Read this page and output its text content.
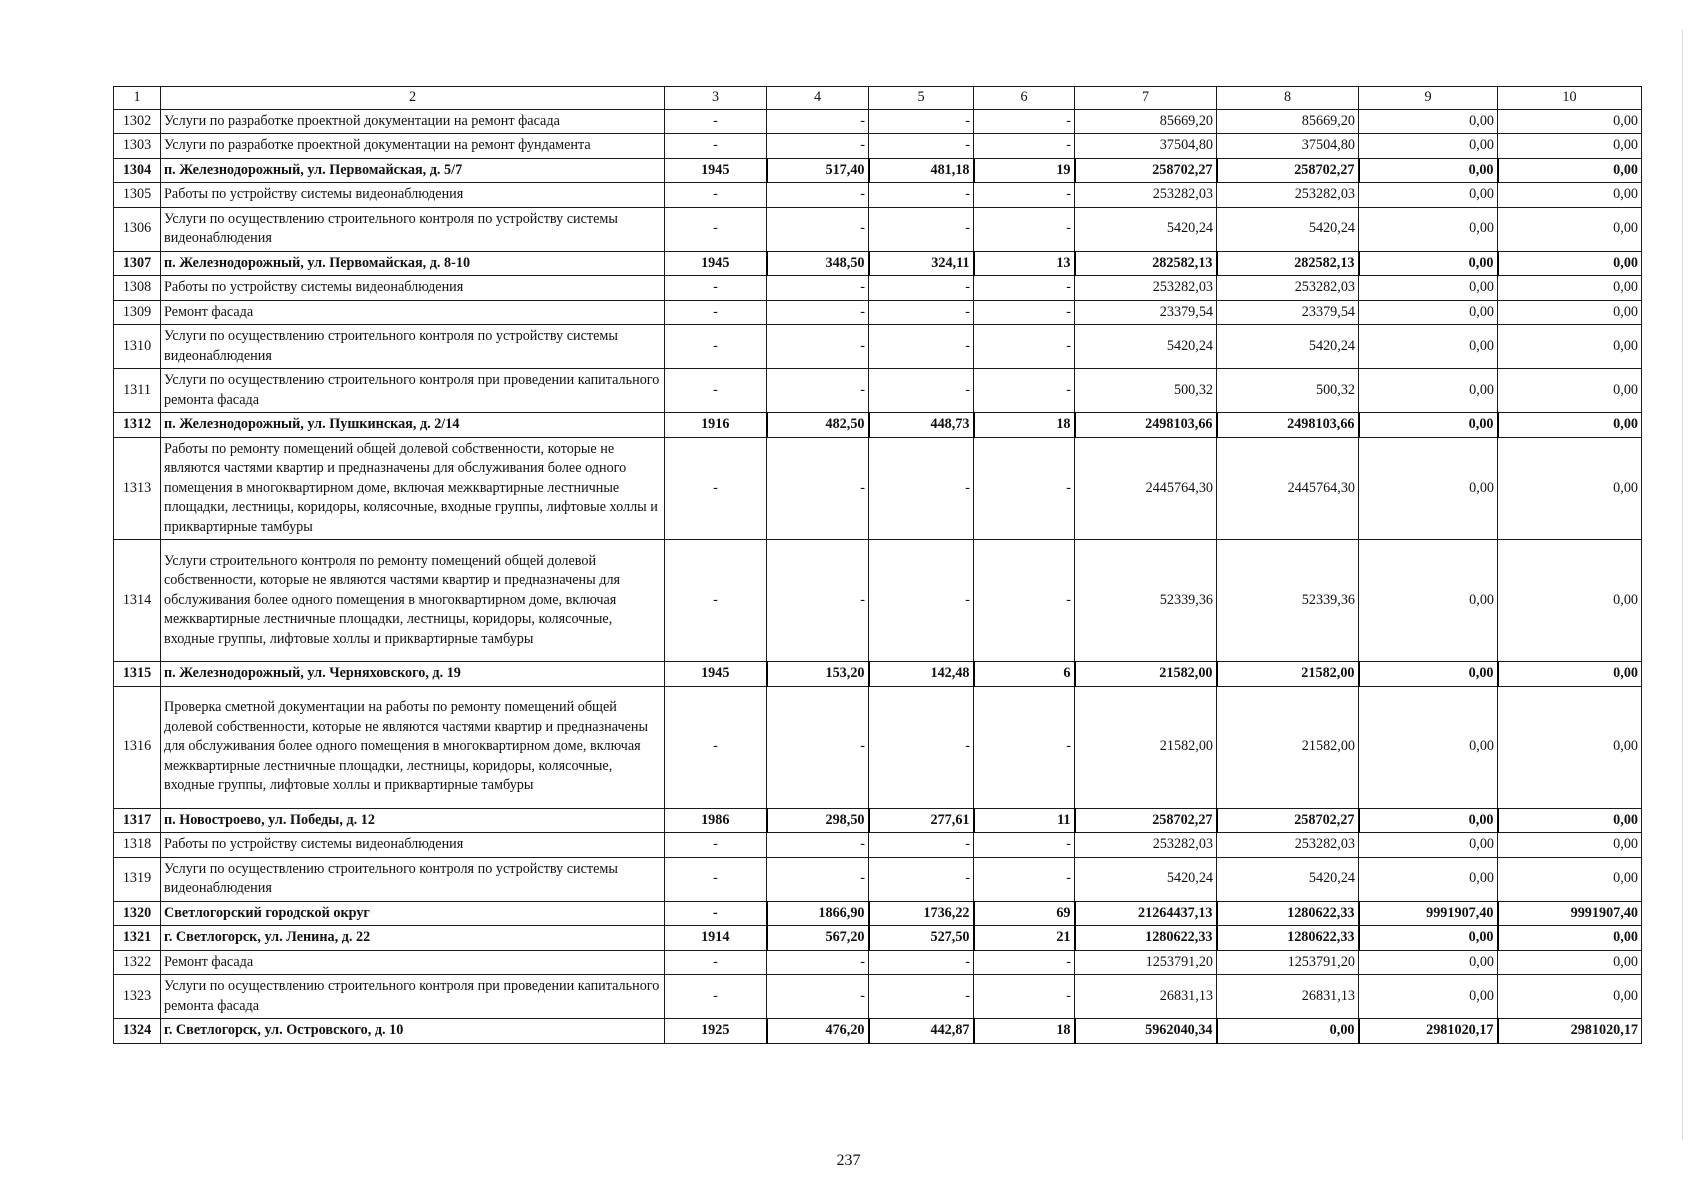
1	2	3	4	5	6	7	8	9	10
1302	Услуги по разработке проектной документации на ремонт фасада	-	-	-	-	85669,20	85669,20	0,00	0,00
1303	Услуги по разработке проектной документации на ремонт фундамента	-	-	-	-	37504,80	37504,80	0,00	0,00
1304	п. Железнодорожный, ул. Первомайская, д. 5/7	1945	517,40	481,18	19	258702,27	258702,27	0,00	0,00
1305	Работы по устройству системы видеонаблюдения	-	-	-	-	253282,03	253282,03	0,00	0,00
1306	Услуги по осуществлению строительного контроля по устройству системы видеонаблюдения	-	-	-	-	5420,24	5420,24	0,00	0,00
1307	п. Железнодорожный, ул. Первомайская, д. 8-10	1945	348,50	324,11	13	282582,13	282582,13	0,00	0,00
1308	Работы по устройству системы видеонаблюдения	-	-	-	-	253282,03	253282,03	0,00	0,00
1309	Ремонт фасада	-	-	-	-	23379,54	23379,54	0,00	0,00
1310	Услуги по осуществлению строительного контроля по устройству системы видеонаблюдения	-	-	-	-	5420,24	5420,24	0,00	0,00
1311	Услуги по осуществлению строительного контроля при проведении капитального ремонта фасада	-	-	-	-	500,32	500,32	0,00	0,00
1312	п. Железнодорожный, ул. Пушкинская, д. 2/14	1916	482,50	448,73	18	2498103,66	2498103,66	0,00	0,00
1313	Работы по ремонту помещений общей долевой собственности, которые не являются частями квартир и предназначены для обслуживания более одного помещения в многоквартирном доме, включая межквартирные лестничные площадки, лестницы, коридоры, колясочные, входные группы, лифтовые холлы и приквартирные тамбуры	-	-	-	-	2445764,30	2445764,30	0,00	0,00
1314	Услуги строительного контроля по ремонту помещений общей долевой собственности, которые не являются частями квартир и предназначены для обслуживания более одного помещения в многоквартирном доме, включая межквартирные лестничные площадки, лестницы, коридоры, колясочные, входные группы, лифтовые холлы и приквартирные тамбуры	-	-	-	-	52339,36	52339,36	0,00	0,00
1315	п. Железнодорожный, ул. Черняховского, д. 19	1945	153,20	142,48	6	21582,00	21582,00	0,00	0,00
1316	Проверка сметной документации на работы по ремонту помещений общей долевой собственности, которые не являются частями квартир и предназначены для обслуживания более одного помещения в многоквартирном доме, включая межквартирные лестничные площадки, лестницы, коридоры, колясочные, входные группы, лифтовые холлы и приквартирные тамбуры	-	-	-	-	21582,00	21582,00	0,00	0,00
1317	п. Новостроево, ул. Победы, д. 12	1986	298,50	277,61	11	258702,27	258702,27	0,00	0,00
1318	Работы по устройству системы видеонаблюдения	-	-	-	-	253282,03	253282,03	0,00	0,00
1319	Услуги по осуществлению строительного контроля по устройству системы видеонаблюдения	-	-	-	-	5420,24	5420,24	0,00	0,00
1320	Светлогорский городской округ	-	1866,90	1736,22	69	21264437,13	1280622,33	9991907,40	9991907,40
1321	г. Светлогорск, ул. Ленина, д. 22	1914	567,20	527,50	21	1280622,33	1280622,33	0,00	0,00
1322	Ремонт фасада	-	-	-	-	1253791,20	1253791,20	0,00	0,00
1323	Услуги по осуществлению строительного контроля при проведении капитального ремонта фасада	-	-	-	-	26831,13	26831,13	0,00	0,00
1324	г. Светлогорск, ул. Островского, д. 10	1925	476,20	442,87	18	5962040,34	0,00	2981020,17	2981020,17
237
